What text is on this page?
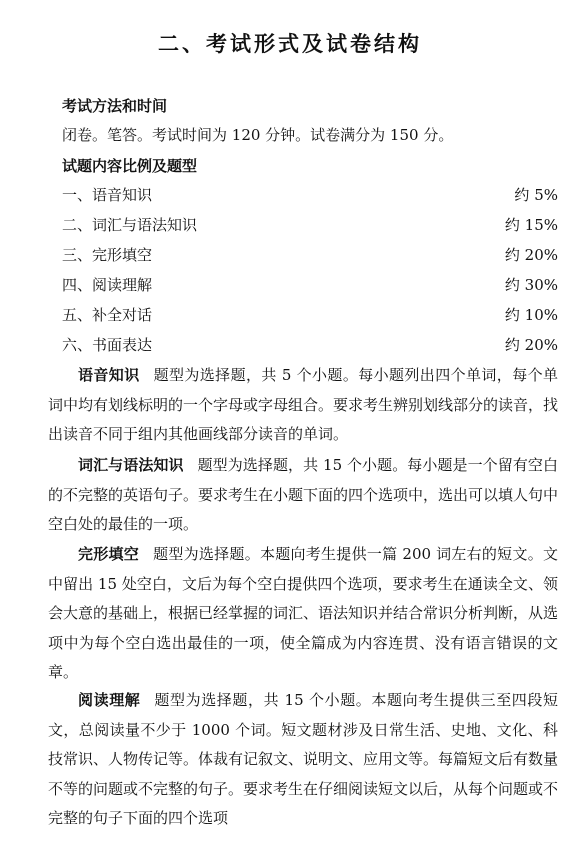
二、考试形式及试卷结构
考试方法和时间
闭卷。笔答。考试时间为 120 分钟。试卷满分为 150 分。
试题内容比例及题型
一、语音知识	约 5%
二、词汇与语法知识	约 15%
三、完形填空	约 20%
四、阅读理解	约 30%
五、补全对话	约 10%
六、书面表达	约 20%

语音知识 题型为选择题，共 5 个小题。每小题列出四个单词，每个单词中均有划线标明的一个字母或字母组合。要求考生辨别划线部分的读音，找出读音不同于组内其他画线部分读音的单词。

词汇与语法知识 题型为选择题，共 15 个小题。每小题是一个留有空白的不完整的英语句子。要求考生在小题下面的四个选项中，选出可以填人句中空白处的最佳的一项。

完形填空 题型为选择题。本题向考生提供一篇 200 词左右的短文。文中留出 15 处空白，文后为每个空白提供四个选项，要求考生在通读全文、领会大意的基础上，根据已经掌握的词汇、语法知识并结合常识分析判断，从选项中为每个空白选出最佳的一项，使全篇成为内容连贯、没有语言错误的文章。

阅读理解 题型为选择题，共 15 个小题。本题向考生提供三至四段短文，总阅读量不少于 1000 个词。短文题材涉及日常生活、史地、文化、科技常识、人物传记等。体裁有记叙文、说明文、应用文等。每篇短文后有数量不等的问题或不完整的句子。要求考生在仔细阅读短文以后，从每个问题或不完整的句子下面的四个选项
